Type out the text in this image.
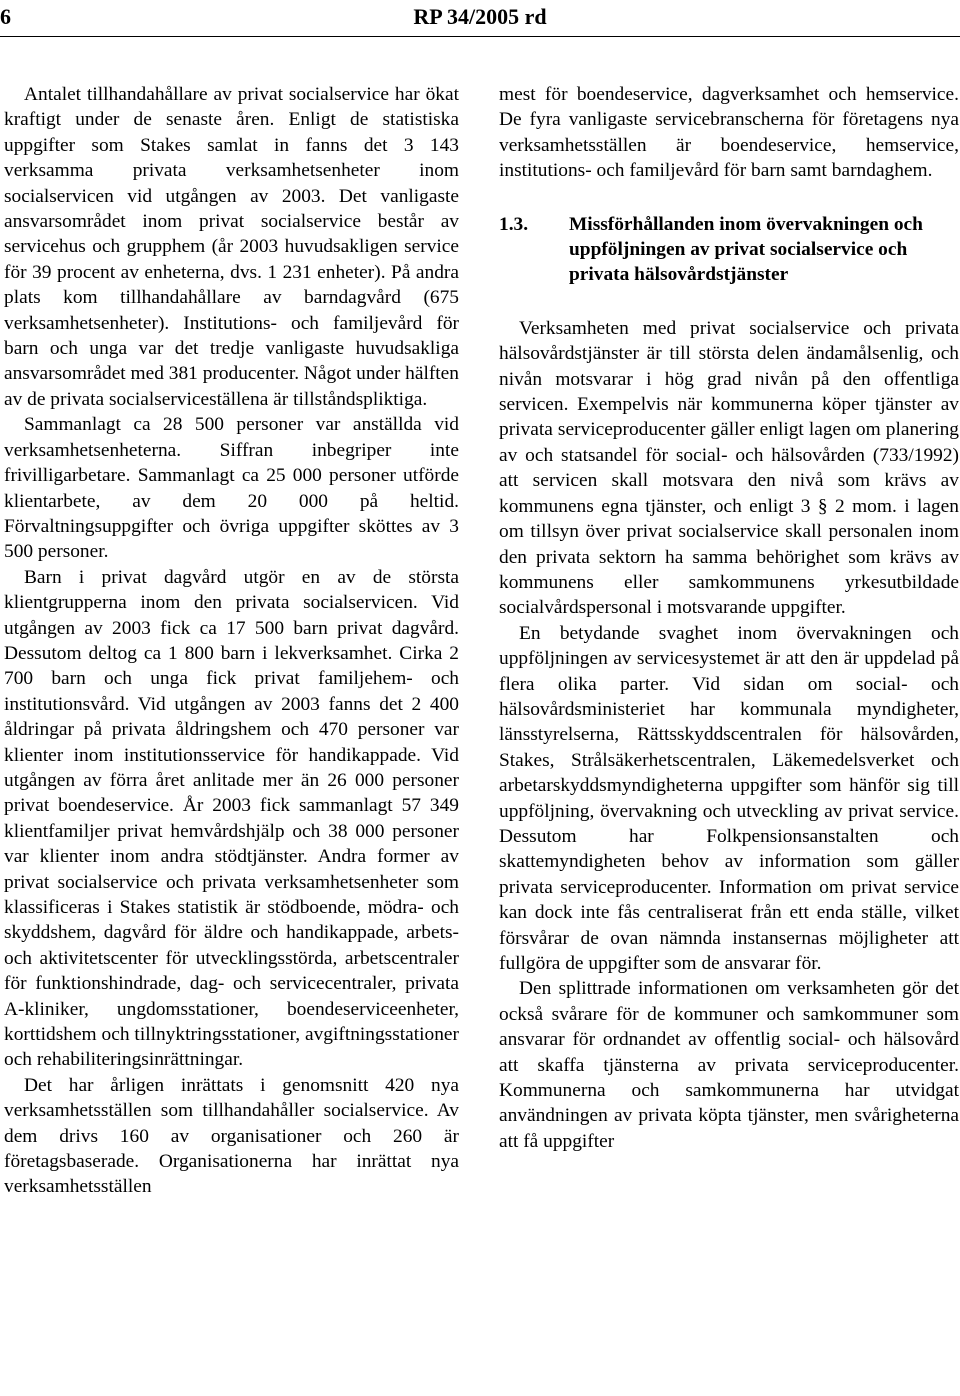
6	RP 34/2005 rd

Antalet tillhandahållare av privat socialservice har ökat kraftigt under de senaste åren. Enligt de statistiska uppgifter som Stakes samlat in fanns det 3 143 verksamma privata verksamhetsenheter inom socialservicen vid utgången av 2003. Det vanligaste ansvarsområdet inom privat socialservice består av servicehus och grupphem (år 2003 huvudsakligen service för 39 procent av enheterna, dvs. 1 231 enheter). På andra plats kom tillhandahållare av barndagvård (675 verksamhetsenheter). Institutions- och familjevård för barn och unga var det tredje vanligaste huvudsakliga ansvarsområdet med 381 producenter. Något under hälften av de privata socialserviceställena är tillståndspliktiga.

Sammanlagt ca 28 500 personer var anställda vid verksamhetsenheterna. Siffran inbegriper inte frivilligarbetare. Sammanlagt ca 25 000 personer utförde klientarbete, av dem 20 000 på heltid. Förvaltningsuppgifter och övriga uppgifter sköttes av 3 500 personer.

Barn i privat dagvård utgör en av de största klientgrupperna inom den privata socialservicen. Vid utgången av 2003 fick ca 17 500 barn privat dagvård. Dessutom deltog ca 1 800 barn i lekverksamhet. Cirka 2 700 barn och unga fick privat familjehem- och institutionsvård. Vid utgången av 2003 fanns det 2 400 åldringar på privata åldringshem och 470 personer var klienter inom institutionsservice för handikappade. Vid utgången av förra året anlitade mer än 26 000 personer privat boendeservice. År 2003 fick sammanlagt 57 349 klientfamiljer privat hemvårdshjälp och 38 000 personer var klienter inom andra stödtjänster. Andra former av privat socialservice och privata verksamhetsenheter som klassificeras i Stakes statistik är stödboende, mödra- och skyddshem, dagvård för äldre och handikappade, arbets- och aktivitetscenter för utvecklingsstörda, arbetscentraler för funktionshindrade, dag- och servicecentraler, privata A-kliniker, ungdomsstationer, boendeserviceenheter, korttidshem och tillnyktringsstationer, avgiftningsstationer och rehabiliteringsinrättningar.

Det har årligen inrättats i genomsnitt 420 nya verksamhetsställen som tillhandahåller socialservice. Av dem drivs 160 av organisationer och 260 är företagsbaserade. Organisationerna har inrättat nya verksamhetsställen

mest för boendeservice, dagverksamhet och hemservice. De fyra vanligaste servicebranscherna för företagens nya verksamhetsställen är boendeservice, hemservice, institutions- och familjevård för barn samt barndaghem.

1.3.	Missförhållanden inom övervakningen och uppföljningen av privat socialservice och privata hälsovårdstjänster

Verksamheten med privat socialservice och privata hälsovårdstjänster är till största delen ändamålsenlig, och nivån motsvarar i hög grad nivån på den offentliga servicen. Exempelvis när kommunerna köper tjänster av privata serviceproducenter gäller enligt lagen om planering av och statsandel för social- och hälsovården (733/1992) att servicen skall motsvara den nivå som krävs av kommunens egna tjänster, och enligt 3 § 2 mom. i lagen om tillsyn över privat socialservice skall personalen inom den privata sektorn ha samma behörighet som krävs av kommunens eller samkommunens yrkesutbildade socialvårdspersonal i motsvarande uppgifter.

En betydande svaghet inom övervakningen och uppföljningen av servicesystemet är att den är uppdelad på flera olika parter. Vid sidan om social- och hälsovårdsministeriet har kommunala myndigheter, länsstyrelserna, Rättsskyddscentralen för hälsovården, Stakes, Strålsäkerhetscentralen, Läkemedelsverket och arbetarskyddsmyndigheterna uppgifter som hänför sig till uppföljning, övervakning och utveckling av privat service. Dessutom har Folkpensionsanstalten och skattemyndigheten behov av information som gäller privata serviceproducenter. Information om privat service kan dock inte fås centraliserat från ett enda ställe, vilket försvårar de ovan nämnda instansernas möjligheter att fullgöra de uppgifter som de ansvarar för.

Den splittrade informationen om verksamheten gör det också svårare för de kommuner och samkommuner som ansvarar för ordnandet av offentlig social- och hälsovård att skaffa tjänsterna av privata serviceproducenter. Kommunerna och samkommunerna har utvidgat användningen av privata köpta tjänster, men svårigheterna att få uppgifter
